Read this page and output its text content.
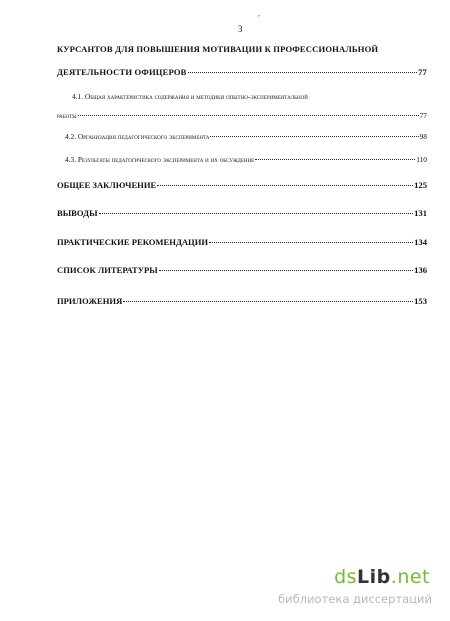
,
3
КУРСАНТОВ ДЛЯ ПОВЫШЕНИЯ МОТИВАЦИИ К ПРОФЕССИОНАЛЬНОЙ
ДЕЯТЕЛЬНОСТИ ОФИЦЕРОВ	77
4.1. Общая характеристика содержания и методики опытно-экспериментальной
работы	77
4.2. Организация педагогического эксперимента	98
4.3. Результаты педагогического эксперимента и их обсуждение	110
ОБЩЕЕ ЗАКЛЮЧЕНИЕ	125
ВЫВОДЫ	131
ПРАКТИЧЕСКИЕ РЕКОМЕНДАЦИИ	134
СПИСОК ЛИТЕРАТУРЫ	136
ПРИЛОЖЕНИЯ	153
dsLib.net
библиотека диссертаций
